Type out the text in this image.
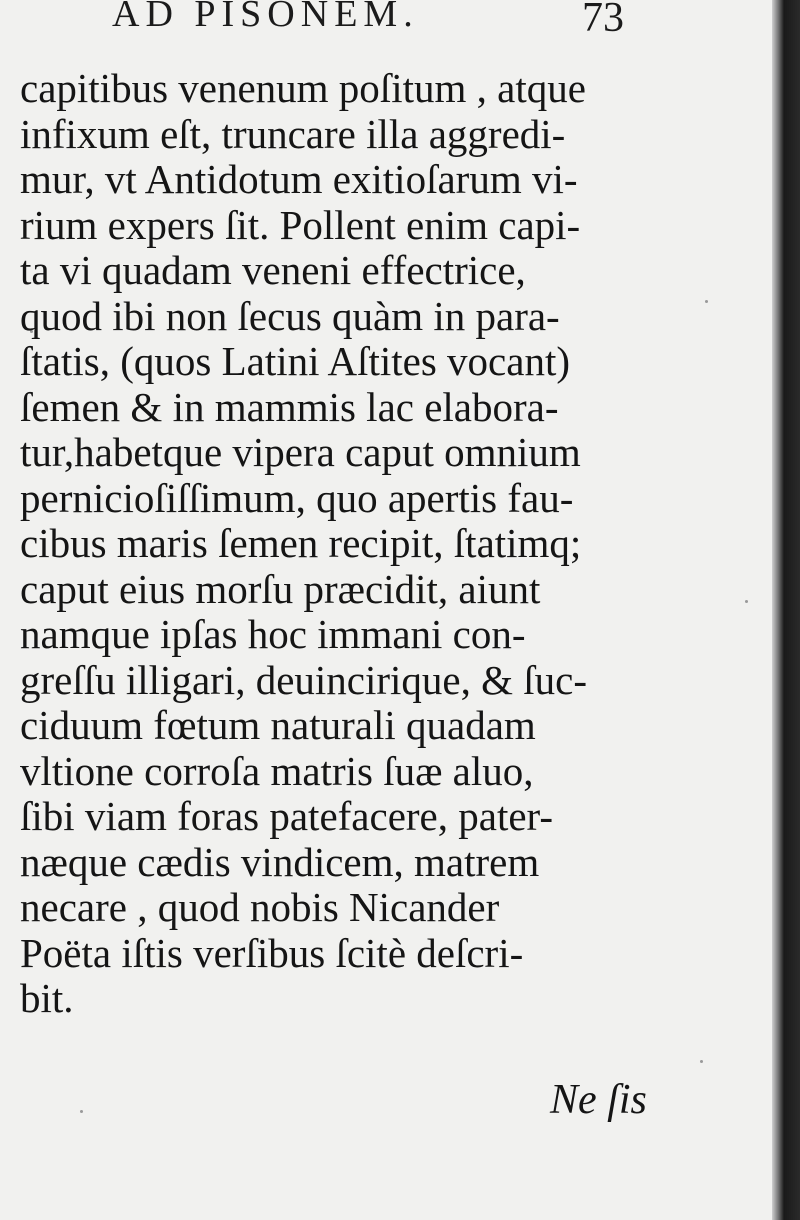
AD PISONEM.	73
capitibus venenum poſitum , atque
infixum eſt, truncare illa aggredi-
mur, vt Antidotum exitioſarum vi-
rium expers ſit. Pollent enim capi-
ta vi quadam veneni effectrice,
quod ibi non ſecus quàm in para-
ſtatis, (quos Latini Aſtites vocant)
ſemen & in mammis lac elabora-
tur,habetque vipera caput omnium
pernicioſiſſimum, quo apertis fau-
cibus maris ſemen recipit, ſtatimq;
caput eius morſu præcidit, aiunt
namque ipſas hoc immani con-
greſſu illigari, deuincirique, & ſuc-
ciduum fœtum naturali quadam
vltione corroſa matris ſuæ aluo,
ſibi viam foras patefacere, pater-
næque cædis vindicem, matrem
necare , quod nobis Nicander
Poëta iſtis verſibus ſcitè deſcri-
bit.
Ne ſis
